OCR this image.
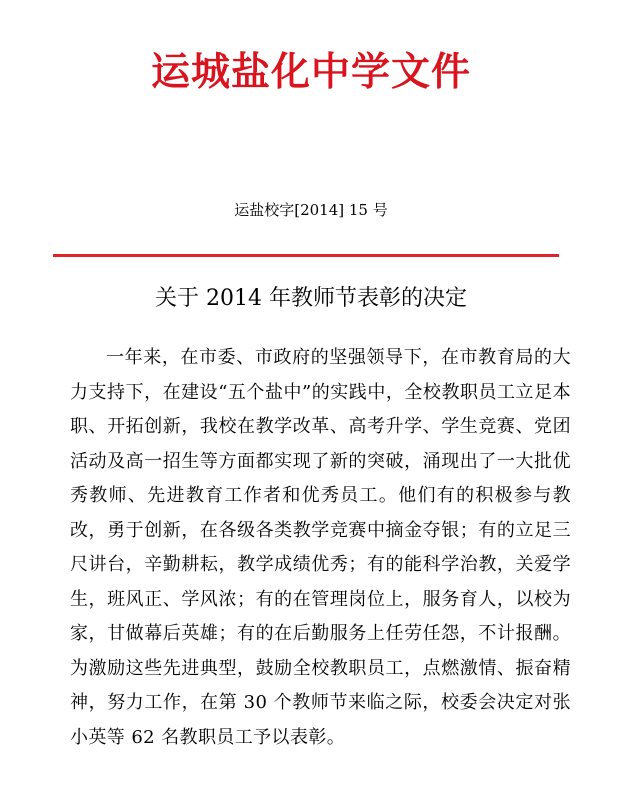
运城盐化中学文件
运盐校字[2014] 15 号
关于 2014 年教师节表彰的决定

一年来，在市委、市政府的坚强领导下，在市教育局的大力支持下，在建设“五个盐中”的实践中，全校教职员工立足本职、开拓创新，我校在教学改革、高考升学、学生竞赛、党团活动及高一招生等方面都实现了新的突破，涌现出了一大批优秀教师、先进教育工作者和优秀员工。他们有的积极参与教改，勇于创新，在各级各类教学竞赛中摘金夺银；有的立足三尺讲台，辛勤耕耘，教学成绩优秀；有的能科学治教，关爱学生，班风正、学风浓；有的在管理岗位上，服务育人，以校为家，甘做幕后英雄；有的在后勤服务上任劳任怨，不计报酬。为激励这些先进典型，鼓励全校教职员工，点燃激情、振奋精神，努力工作，在第 30 个教师节来临之际，校委会决定对张小英等 62 名教职员工予以表彰。
